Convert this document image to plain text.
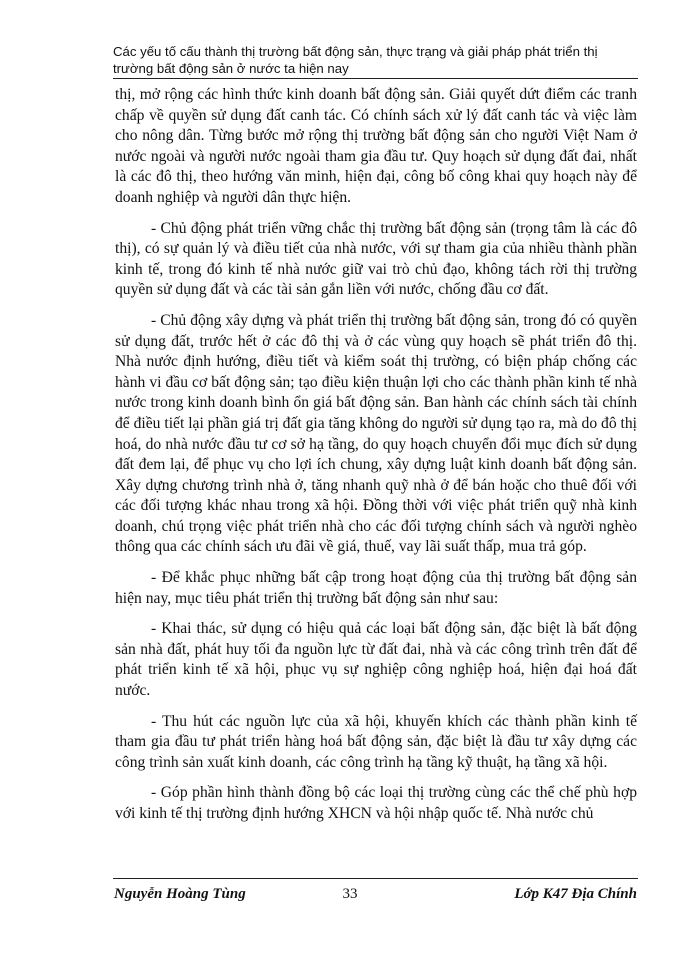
Các yếu tố cấu thành thị trường bất động sản, thực trạng và giải pháp phát triển thị
trường bất động sản ở nước ta hiện nay

thị, mở rộng các hình thức kinh doanh bất động sản. Giải quyết dứt điểm các tranh chấp về quyền sử dụng đất canh tác. Có chính sách xử lý đất canh tác và việc làm cho nông dân. Từng bước mở rộng thị trường bất động sản cho người Việt Nam ở nước ngoài và người nước ngoài tham gia đầu tư. Quy hoạch sử dụng đất đai, nhất là các đô thị, theo hướng văn minh, hiện đại, công bố công khai quy hoạch này để doanh nghiệp và người dân thực hiện.

- Chủ động phát triển vững chắc thị trường bất động sản (trọng tâm là các đô thị), có sự quản lý và điều tiết của nhà nước, với sự tham gia của nhiều thành phần kinh tế, trong đó kinh tế nhà nước giữ vai trò chủ đạo, không tách rời thị trường quyền sử dụng đất và các tài sản gắn liền với nước, chống đầu cơ đất.

- Chủ động xây dựng và phát triển thị trường bất động sản, trong đó có quyền sử dụng đất, trước hết ở các đô thị và ở các vùng quy hoạch sẽ phát triển đô thị. Nhà nước định hướng, điều tiết và kiểm soát thị trường, có biện pháp chống các hành vi đầu cơ bất động sản; tạo điều kiện thuận lợi cho các thành phần kinh tế nhà nước trong kinh doanh bình ổn giá bất động sản. Ban hành các chính sách tài chính để điều tiết lại phần giá trị đất gia tăng không do người sử dụng tạo ra, mà do đô thị hoá, do nhà nước đầu tư cơ sở hạ tầng, do quy hoạch chuyển đổi mục đích sử dụng đất đem lại, để phục vụ cho lợi ích chung, xây dựng luật kinh doanh bất động sản. Xây dựng chương trình nhà ở, tăng nhanh quỹ nhà ở để bán hoặc cho thuê đối với các đối tượng khác nhau trong xã hội. Đồng thời với việc phát triển quỹ nhà kinh doanh, chú trọng việc phát triển nhà cho các đối tượng chính sách và người nghèo thông qua các chính sách ưu đãi về giá, thuế, vay lãi suất thấp, mua trả góp.

- Để khắc phục những bất cập trong hoạt động của thị trường bất động sản hiện nay, mục tiêu phát triển thị trường bất động sản như sau:

- Khai thác, sử dụng có hiệu quả các loại bất động sản, đặc biệt là bất động sản nhà đất, phát huy tối đa nguồn lực từ đất đai, nhà và các công trình trên đất để phát triển kinh tế xã hội, phục vụ sự nghiệp công nghiệp hoá, hiện đại hoá đất nước.

- Thu hút các nguồn lực của xã hội, khuyến khích các thành phần kinh tế tham gia đầu tư phát triển hàng hoá bất động sản, đặc biệt là đầu tư xây dựng các công trình sản xuất kinh doanh, các công trình hạ tầng kỹ thuật, hạ tầng xã hội.

- Góp phần hình thành đồng bộ các loại thị trường cùng các thể chế phù hợp với kinh tế thị trường định hướng XHCN và hội nhập quốc tế. Nhà nước chủ

Nguyễn Hoàng Tùng	33	Lớp K47 Địa Chính
